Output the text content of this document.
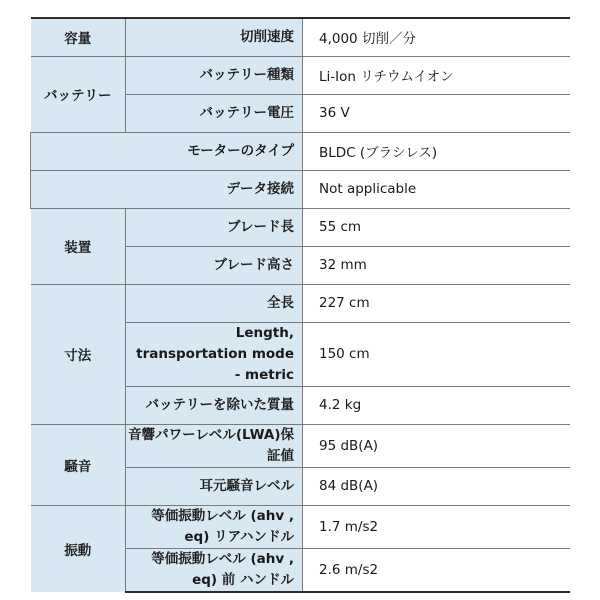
容量	切削速度	4,000 切削／分
バッテリー	バッテリー種類	Li-Ion リチウムイオン
	バッテリー電圧	36 V
モーターのタイプ		BLDC (ブラシレス)
データ接続		Not applicable
装置	ブレード長	55 cm
	ブレード高さ	32 mm
寸法	全長	227 cm
	Length, transportation mode - metric	150 cm
	バッテリーを除いた質量	4.2 kg
騒音	音響パワーレベル(LWA)保証値	95 dB(A)
	耳元騒音レベル	84 dB(A)
振動	等価振動レベル (ahv , eq) リアハンドル	1.7 m/s2
	等価振動レベル (ahv , eq) 前 ハンドル	2.6 m/s2
